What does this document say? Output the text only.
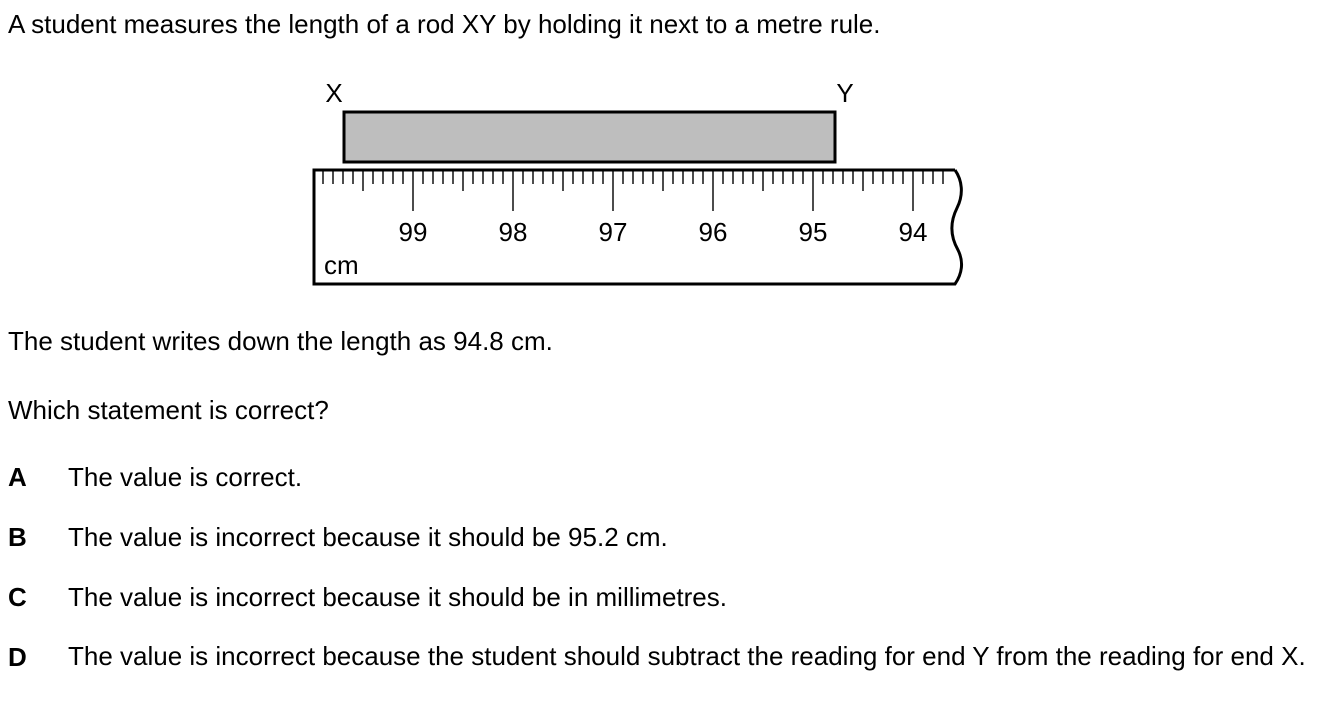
A student measures the length of a rod XY by holding it next to a metre rule.
X	Y
99	98	97	96	95	94
cm
The student writes down the length as 94.8 cm.
Which statement is correct?
A The value is correct.
B The value is incorrect because it should be 95.2 cm.
C The value is incorrect because it should be in millimetres.
D The value is incorrect because the student should subtract the reading for end Y from the reading for end X.
